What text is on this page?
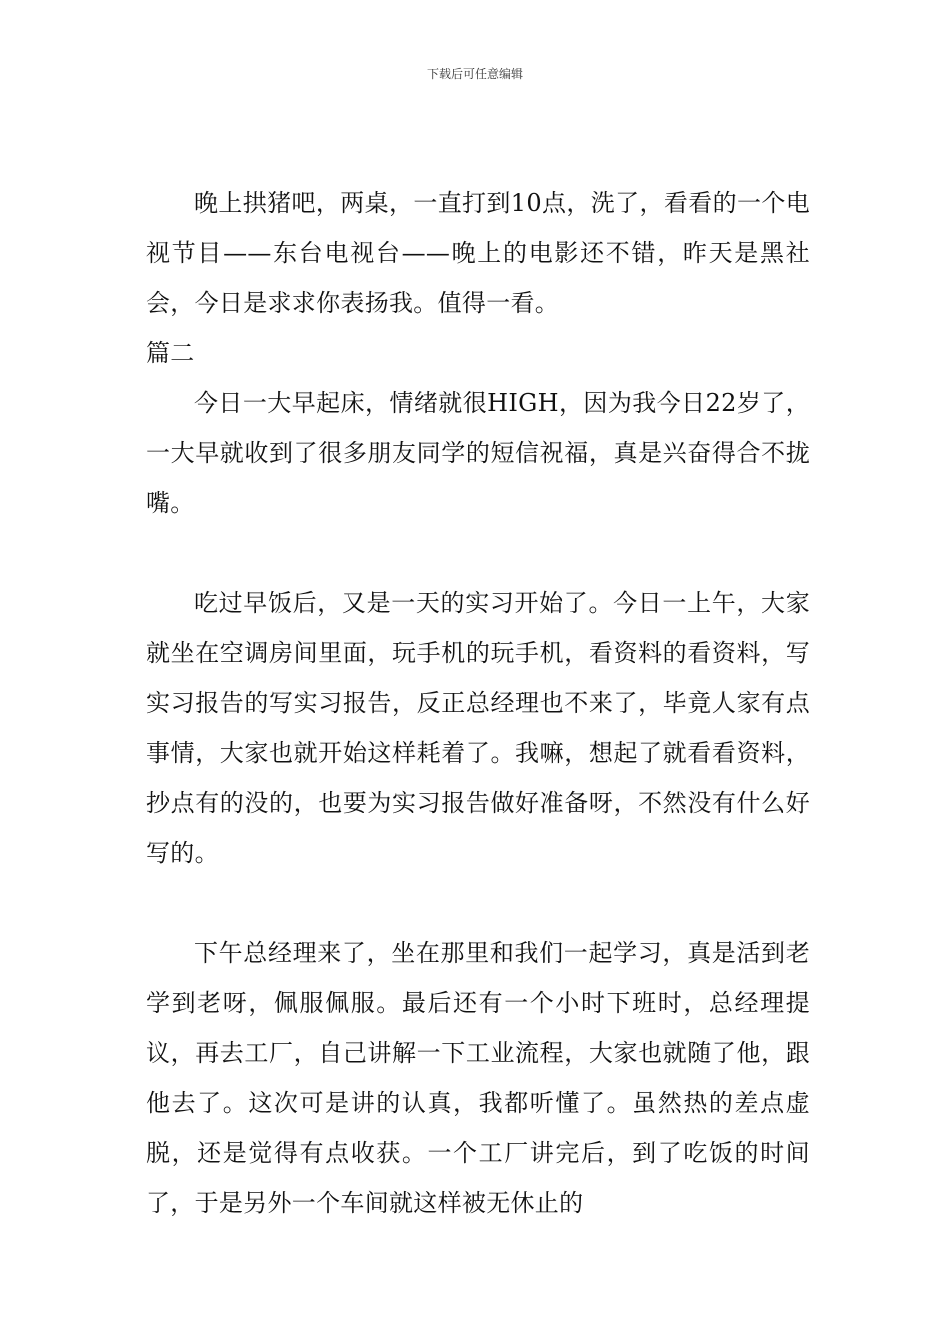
下载后可任意编辑

晚上拱猪吧，两桌，一直打到10点，洗了，看看的一个电视节目——东台电视台——晚上的电影还不错，昨天是黑社会，今日是求求你表扬我。值得一看。

篇二

今日一大早起床，情绪就很HIGH，因为我今日22岁了，一大早就收到了很多朋友同学的短信祝福，真是兴奋得合不拢嘴。

吃过早饭后，又是一天的实习开始了。今日一上午，大家就坐在空调房间里面，玩手机的玩手机，看资料的看资料，写实习报告的写实习报告，反正总经理也不来了，毕竟人家有点事情，大家也就开始这样耗着了。我嘛，想起了就看看资料，抄点有的没的，也要为实习报告做好准备呀，不然没有什么好写的。

下午总经理来了，坐在那里和我们一起学习，真是活到老学到老呀，佩服佩服。最后还有一个小时下班时，总经理提议，再去工厂，自己讲解一下工业流程，大家也就随了他，跟他去了。这次可是讲的认真，我都听懂了。虽然热的差点虚脱，还是觉得有点收获。一个工厂讲完后，到了吃饭的时间了，于是另外一个车间就这样被无休止的
